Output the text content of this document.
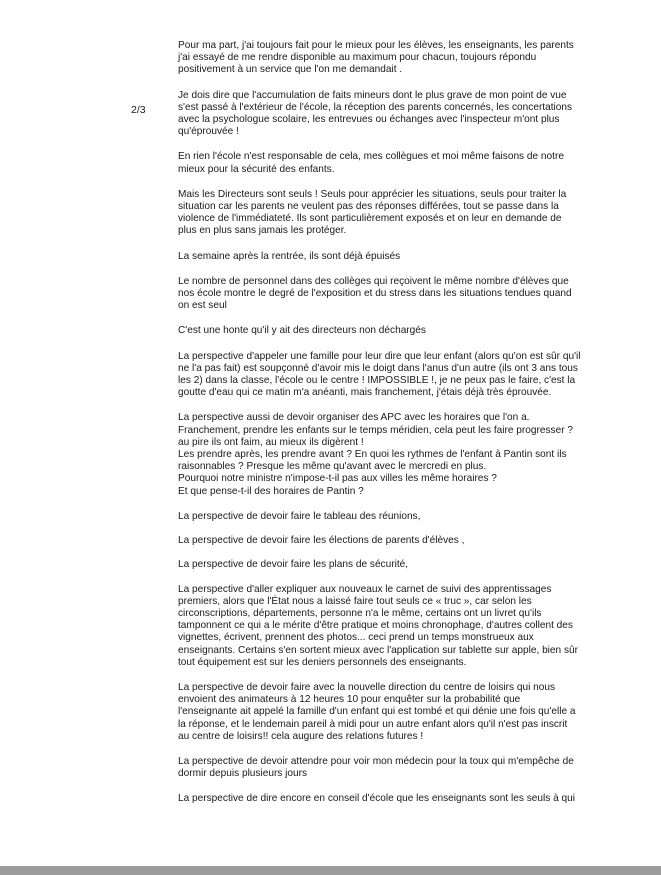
2/3

Pour ma part, j'ai toujours fait pour le mieux pour les élèves, les enseignants, les parents
j'ai essayé de me rendre disponible au maximum pour chacun, toujours répondu
positivement à un service que l'on me demandait .

Je dois dire que l'accumulation de faits mineurs dont le plus grave de mon point de vue
s'est passé à l'extérieur de l'école, la réception des parents concernés, les concertations
avec la psychologue scolaire, les entrevues ou échanges avec l'inspecteur m'ont plus
qu'éprouvée !

En rien l'école n'est responsable de cela, mes collègues et moi même faisons de notre
mieux pour la sécurité des enfants.

Mais les Directeurs sont seuls ! Seuls pour apprécier les situations, seuls pour traiter la
situation car les parents ne veulent pas des réponses différées, tout se passe dans la
violence de l'immédiateté. Ils sont particulièrement exposés et on leur en demande de
plus en plus sans jamais les protéger.

La semaine après la rentrée, ils sont déjà épuisés

Le nombre de personnel dans des collèges qui reçoivent le même nombre d'élèves que
nos école montre le degré de l'exposition et du stress dans les situations tendues quand
on est seul

C'est une honte qu'il y ait des directeurs non déchargés

La perspective d'appeler une famille pour leur dire que leur enfant (alors qu'on est sûr qu'il
ne l'a pas fait) est soupçonné d'avoir mis le doigt dans l'anus d'un autre (ils ont 3 ans tous
les 2) dans la classe, l'école ou le centre ! IMPOSSIBLE !, je ne peux pas le faire, c'est la
goutte d'eau qui ce matin m'a anéanti, mais franchement, j'étais déjà très éprouvée.

La perspective aussi de devoir organiser des APC avec les horaires que l'on a.
Franchement, prendre les enfants sur le temps méridien, cela peut les faire progresser ?
au pire ils ont faim, au mieux ils digèrent !
Les prendre après, les prendre avant ? En quoi les rythmes de l'enfant à Pantin sont ils
raisonnables ? Presque les même qu'avant avec le mercredi en plus.
Pourquoi notre ministre n'impose-t-il pas aux villes les même horaires ?
Et que pense-t-il des horaires de Pantin ?

La perspective de devoir faire le tableau des réunions,

La perspective de devoir faire les élections de parents d'élèves ,

La perspective de devoir faire les plans de sécurité,

La perspective d'aller expliquer aux nouveaux le carnet de suivi des apprentissages
premiers, alors que l'État nous a laissé faire tout seuls ce « truc », car selon les
circonscriptions, départements, personne n'a le même, certains ont un livret qu'ils
tamponnent ce qui a le mérite d'être pratique et moins chronophage, d'autres collent des
vignettes, écrivent, prennent des photos... ceci prend un temps monstrueux aux
enseignants. Certains s'en sortent mieux avec l'application sur tablette sur apple, bien sûr
tout équipement est sur les deniers personnels des enseignants.

La perspective de devoir faire avec la nouvelle direction du centre de loisirs qui nous
envoient des animateurs à 12 heures 10 pour enquêter sur la probabilité que
l'enseignante ait appelé la famille d'un enfant qui est tombé et qui dénie une fois qu'elle a
la réponse, et le lendemain pareil à midi pour un autre enfant alors qu'il n'est pas inscrit
au centre de loisirs!! cela augure des relations futures !

La perspective de devoir attendre pour voir mon médecin pour la toux qui m'empêche de
dormir depuis plusieurs jours

La perspective de dire encore en conseil d'école que les enseignants sont les seuls à qui
